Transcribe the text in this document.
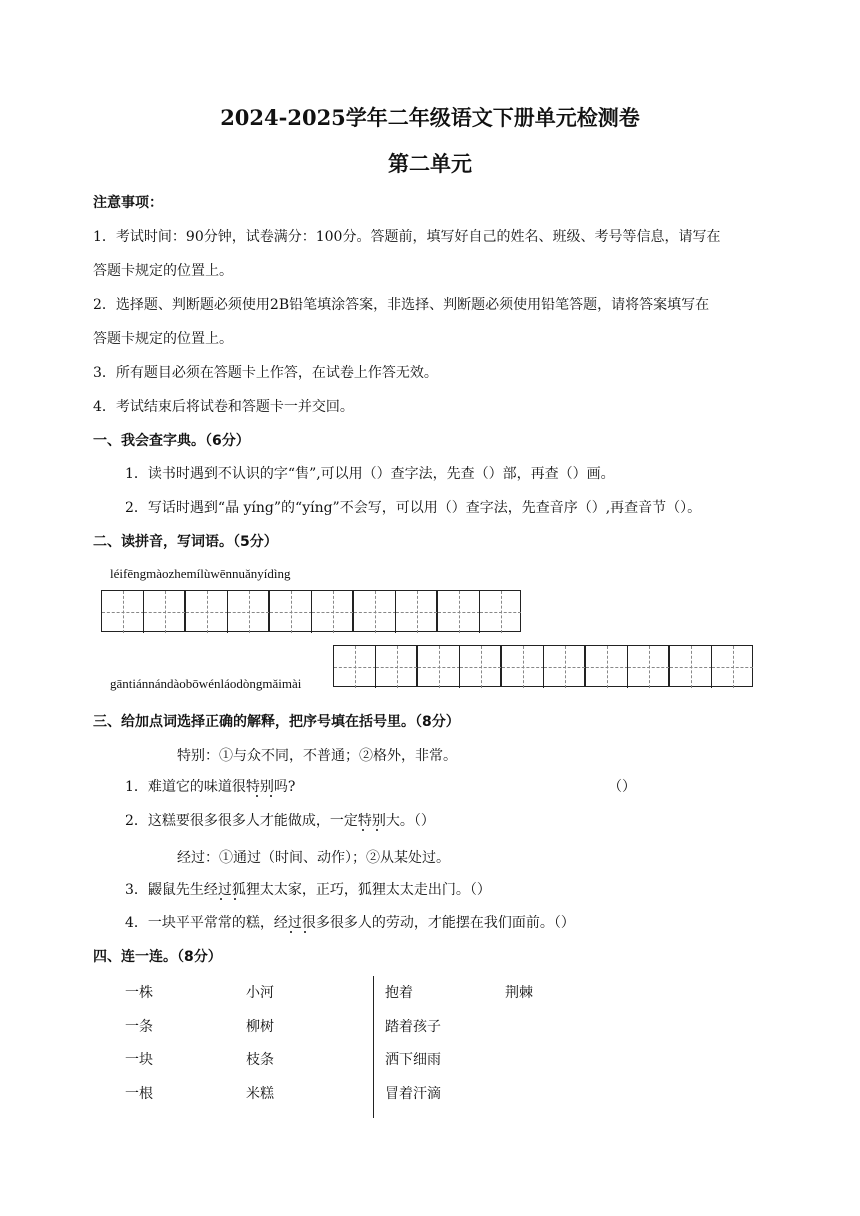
2024-2025学年二年级语文下册单元检测卷
第二单元
注意事项：
1．考试时间：90分钟，试卷满分：100分。答题前，填写好自己的姓名、班级、考号等信息，请写在
答题卡规定的位置上。
2．选择题、判断题必须使用2B铅笔填涂答案，非选择、判断题必须使用铅笔答题，请将答案填写在
答题卡规定的位置上。
3．所有题目必须在答题卡上作答，在试卷上作答无效。
4．考试结束后将试卷和答题卡一并交回。
一、我会查字典。（6分）
1．读书时遇到不认识的字“售”,可以用（）查字法，先查（）部，再查（）画。
2．写话时遇到“晶 yíng”的“yíng”不会写，可以用（）查字法，先查音序（）,再查音节（）。
二、读拼音，写词语。（5分）
léifēngmàozhemílùwēnnuǎnyídìng
gāntiánnándàobōwénláodòngmǎimài
三、给加点词选择正确的解释，把序号填在括号里。（8分）
特别：①与众不同，不普通；②格外，非常。
1．难道它的味道很特别吗?	（）
2．这糕要很多很多人才能做成，一定特别大。（）
经过：①通过（时间、动作）；②从某处过。
3．鼹鼠先生经过狐狸太太家，正巧，狐狸太太走出门。（）
4．一块平平常常的糕，经过很多很多人的劳动，才能摆在我们面前。（）
四、连一连。（8分）
一株
一条
一块
一根
小河
柳树
枝条
米糕
抱着
踏着孩子
洒下细雨
冒着汗滴
荆棘
